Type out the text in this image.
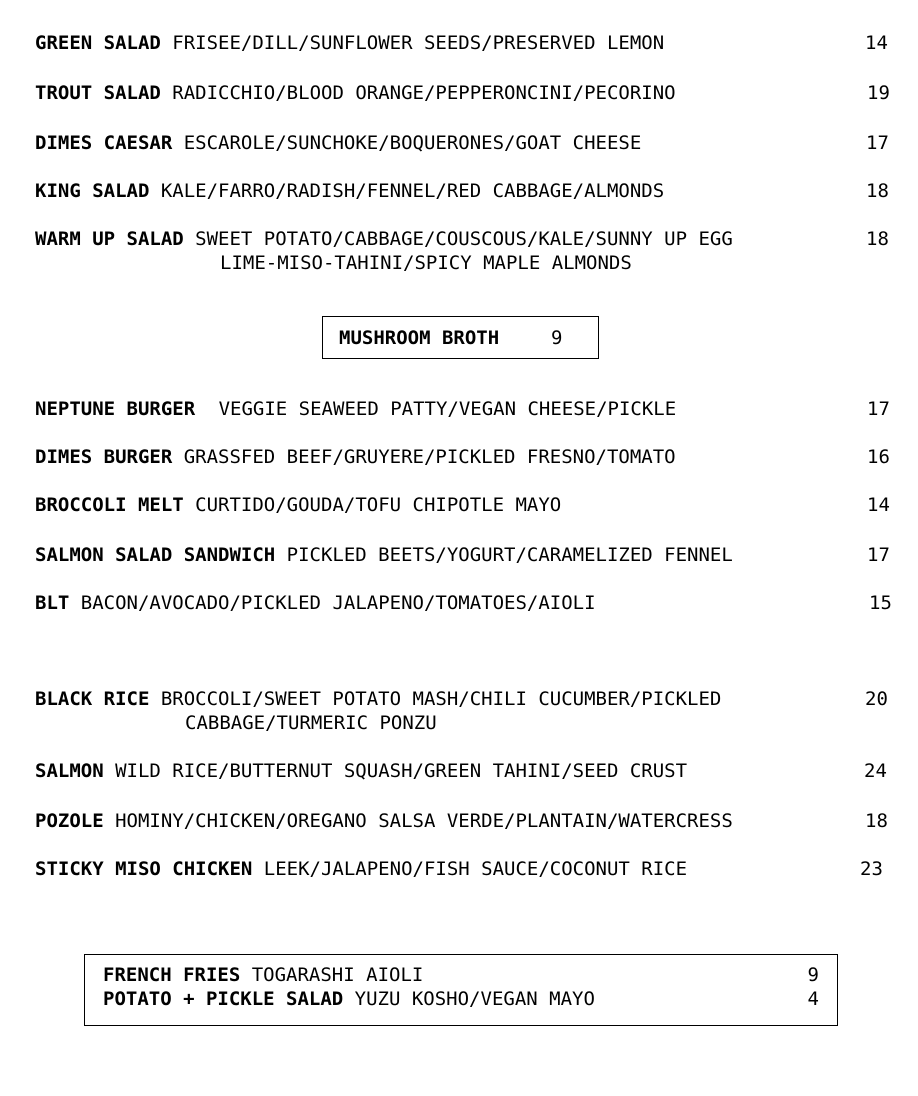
GREEN SALAD FRISEE/DILL/SUNFLOWER SEEDS/PRESERVED LEMON	14
TROUT SALAD RADICCHIO/BLOOD ORANGE/PEPPERONCINI/PECORINO	19
DIMES CAESAR ESCAROLE/SUNCHOKE/BOQUERONES/GOAT CHEESE	17
KING SALAD KALE/FARRO/RADISH/FENNEL/RED CABBAGE/ALMONDS	18
WARM UP SALAD SWEET POTATO/CABBAGE/COUSCOUS/KALE/SUNNY UP EGG
LIME-MISO-TAHINI/SPICY MAPLE ALMONDS
18
MUSHROOM BROTH	9
NEPTUNE BURGER VEGGIE SEAWEED PATTY/VEGAN CHEESE/PICKLE	17
DIMES BURGER GRASSFED BEEF/GRUYERE/PICKLED FRESNO/TOMATO	16
BROCCOLI MELT CURTIDO/GOUDA/TOFU CHIPOTLE MAYO	14
SALMON SALAD SANDWICH PICKLED BEETS/YOGURT/CARAMELIZED FENNEL	17
BLT BACON/AVOCADO/PICKLED JALAPENO/TOMATOES/AIOLI	15
BLACK RICE BROCCOLI/SWEET POTATO MASH/CHILI CUCUMBER/PICKLED
CABBAGE/TURMERIC PONZU
20
SALMON WILD RICE/BUTTERNUT SQUASH/GREEN TAHINI/SEED CRUST	24
POZOLE HOMINY/CHICKEN/OREGANO SALSA VERDE/PLANTAIN/WATERCRESS	18
STICKY MISO CHICKEN LEEK/JALAPENO/FISH SAUCE/COCONUT RICE	23
FRENCH FRIES TOGARASHI AIOLI	9
POTATO + PICKLE SALAD YUZU KOSHO/VEGAN MAYO	4
